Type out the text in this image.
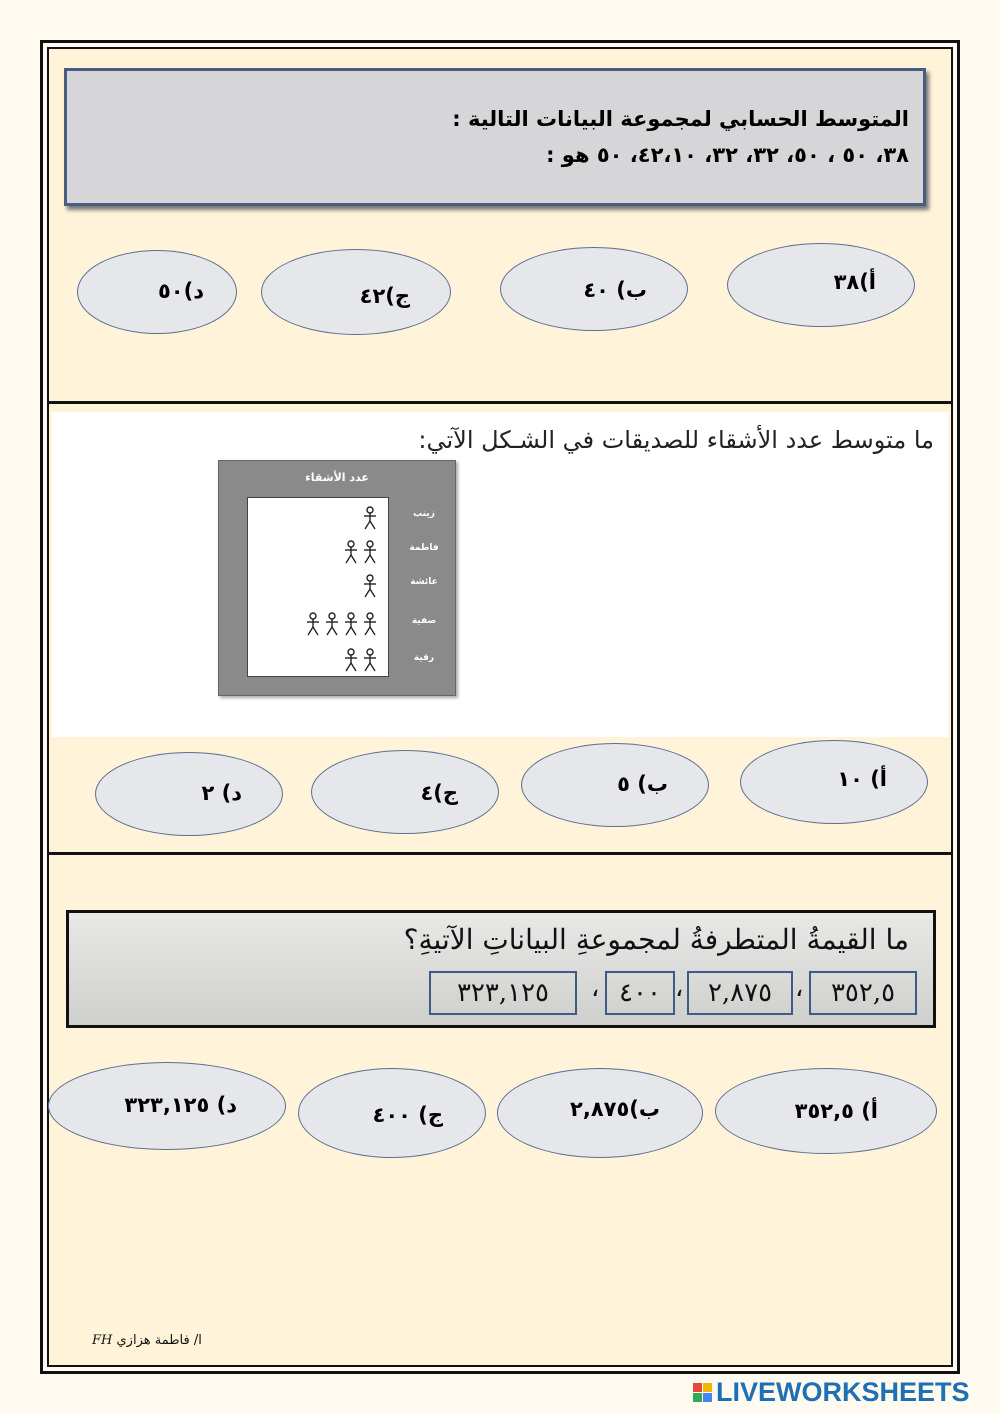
المتوسط الحسابي لمجموعة البيانات التالية :
٣٨، ٥٠ ، ٥٠، ٣٢، ٣٢، ٤٢،١٠، ٥٠ هو :
أ)٣٨
ب) ٤٠
ج)٤٢
د)٥٠
ما متوسط عدد الأشقاء للصديقات في الشـكل الآتي:
عدد الأشقاء
زينب
فاطمة
عائشة
صفية
رقية
أ) ١٠
ب) ٥
ج)٤
د) ٢
ما القيمةُ المتطرفةُ لمجموعةِ البياناتِ الآتيةِ؟
٣٥٢,٥
،
٢,٨٧٥
،
٤٠٠
،
٣٢٣,١٢٥
أ) ٣٥٢,٥
ب)٢,٨٧٥
ج) ٤٠٠
د) ٣٢٣,١٢٥
ا/ فاطمة هزازي FH
LIVEWORKSHEETS
